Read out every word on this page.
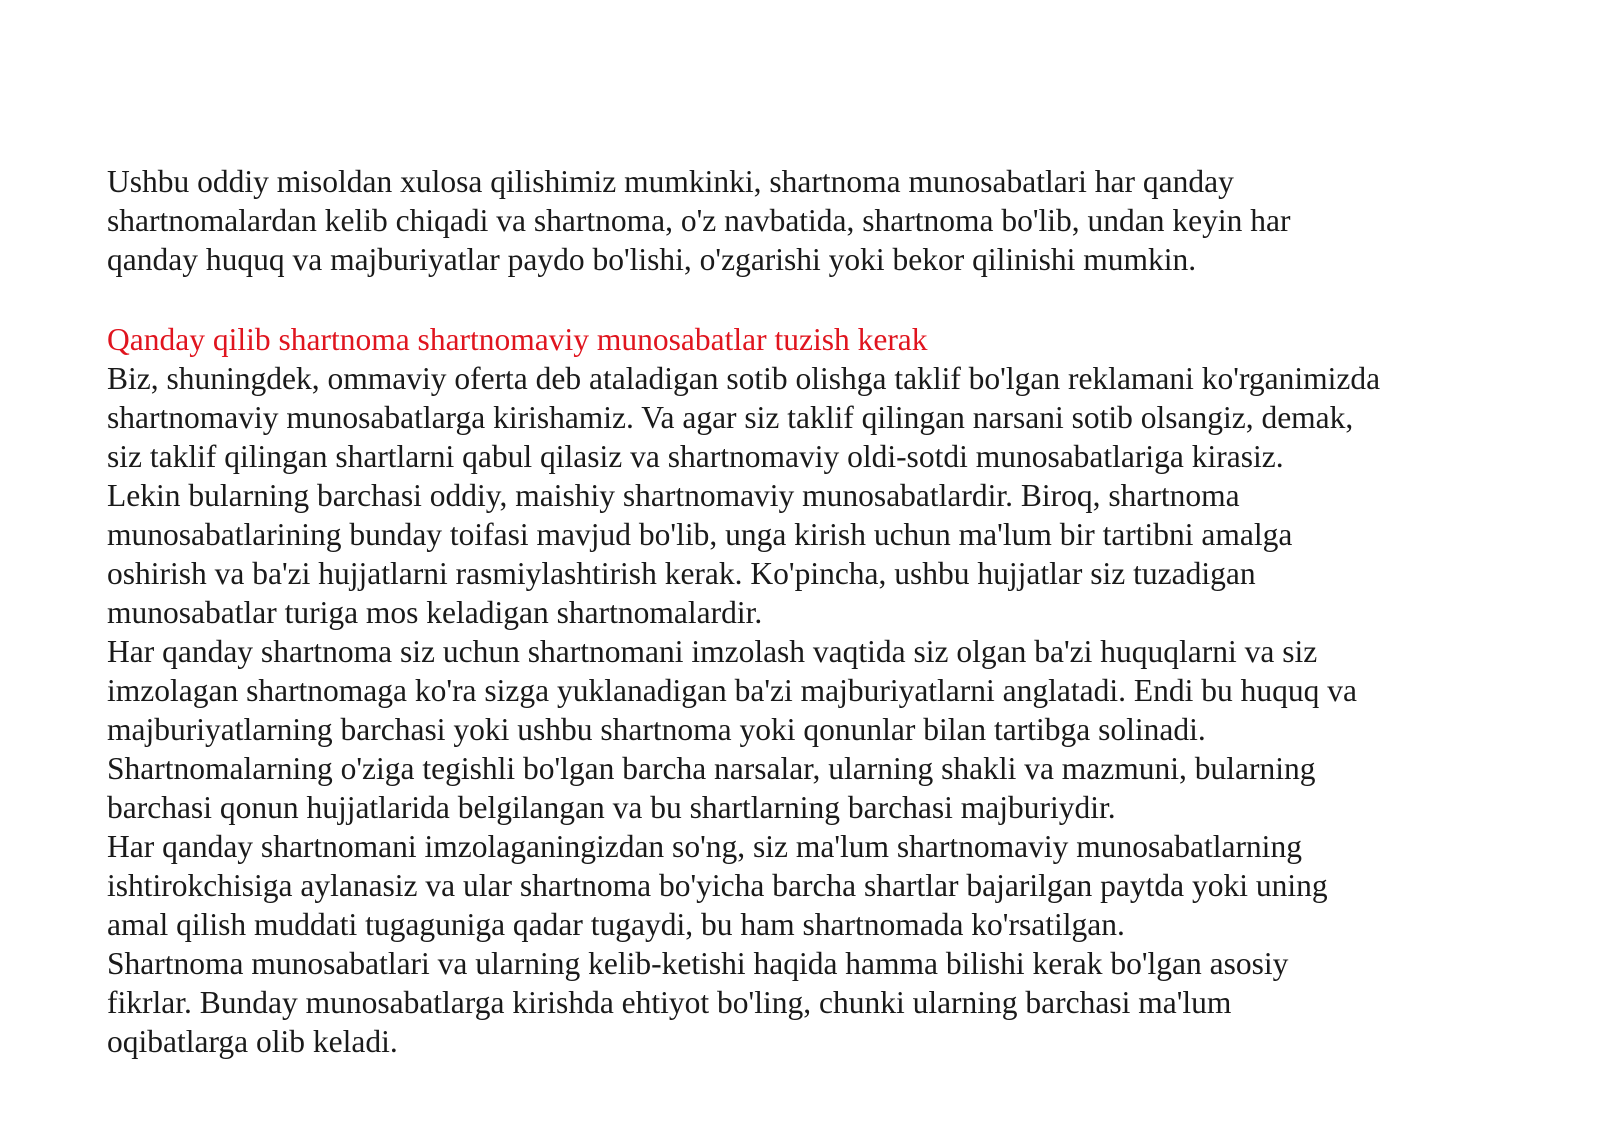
Ushbu oddiy misoldan xulosa qilishimiz mumkinki, shartnoma munosabatlari har qanday
shartnomalardan kelib chiqadi va shartnoma, o'z navbatida, shartnoma bo'lib, undan keyin har
qanday huquq va majburiyatlar paydo bo'lishi, o'zgarishi yoki bekor qilinishi mumkin.
Qanday qilib shartnoma shartnomaviy munosabatlar tuzish kerak
Biz, shuningdek, ommaviy oferta deb ataladigan sotib olishga taklif bo'lgan reklamani ko'rganimizda
shartnomaviy munosabatlarga kirishamiz. Va agar siz taklif qilingan narsani sotib olsangiz, demak,
siz taklif qilingan shartlarni qabul qilasiz va shartnomaviy oldi-sotdi munosabatlariga kirasiz.
Lekin bularning barchasi oddiy, maishiy shartnomaviy munosabatlardir. Biroq, shartnoma
munosabatlarining bunday toifasi mavjud bo'lib, unga kirish uchun ma'lum bir tartibni amalga
oshirish va ba'zi hujjatlarni rasmiylashtirish kerak. Ko'pincha, ushbu hujjatlar siz tuzadigan
munosabatlar turiga mos keladigan shartnomalardir.
Har qanday shartnoma siz uchun shartnomani imzolash vaqtida siz olgan ba'zi huquqlarni va siz
imzolagan shartnomaga ko'ra sizga yuklanadigan ba'zi majburiyatlarni anglatadi. Endi bu huquq va
majburiyatlarning barchasi yoki ushbu shartnoma yoki qonunlar bilan tartibga solinadi.
Shartnomalarning o'ziga tegishli bo'lgan barcha narsalar, ularning shakli va mazmuni, bularning
barchasi qonun hujjatlarida belgilangan va bu shartlarning barchasi majburiydir.
Har qanday shartnomani imzolaganingizdan so'ng, siz ma'lum shartnomaviy munosabatlarning
ishtirokchisiga aylanasiz va ular shartnoma bo'yicha barcha shartlar bajarilgan paytda yoki uning
amal qilish muddati tugaguniga qadar tugaydi, bu ham shartnomada ko'rsatilgan.
Shartnoma munosabatlari va ularning kelib-ketishi haqida hamma bilishi kerak bo'lgan asosiy
fikrlar. Bunday munosabatlarga kirishda ehtiyot bo'ling, chunki ularning barchasi ma'lum
oqibatlarga olib keladi.
